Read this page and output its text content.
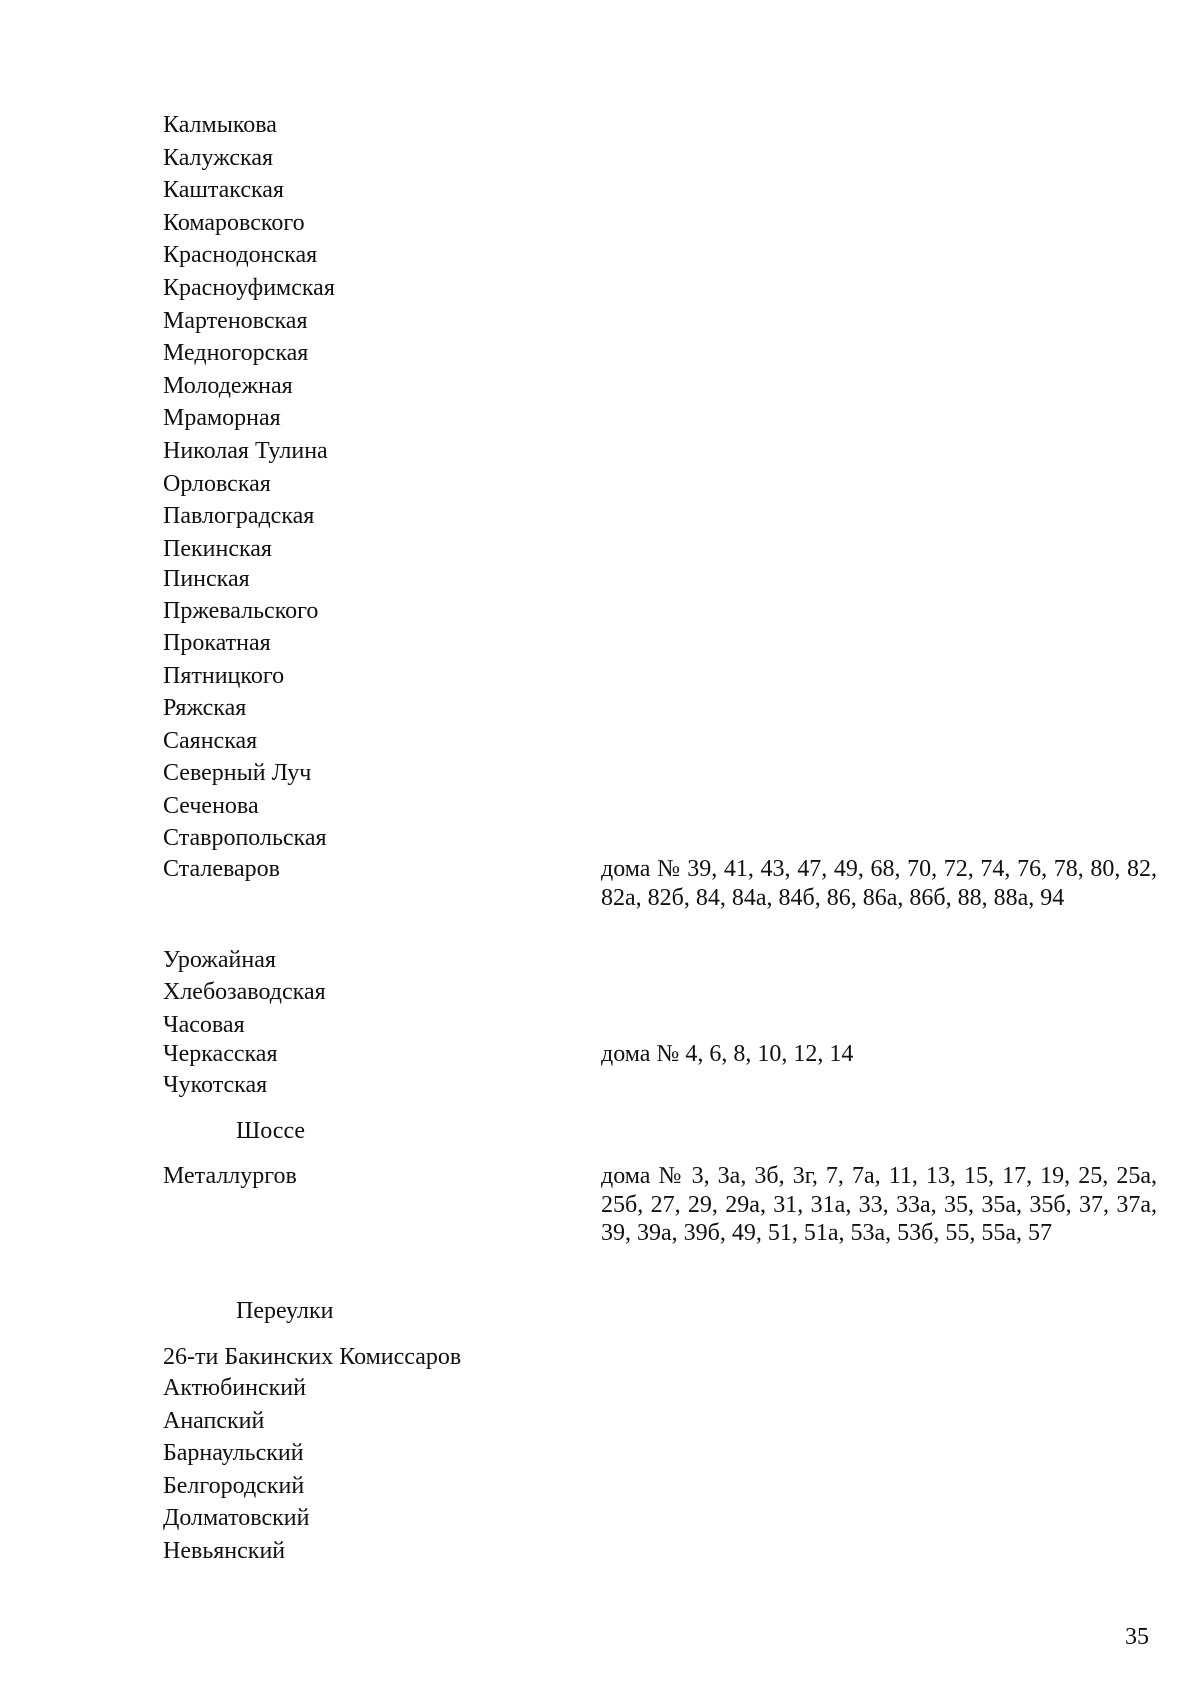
Калмыкова
Калужская
Каштакская
Комаровского
Краснодонская
Красноуфимская
Мартеновская
Медногорская
Молодежная
Мраморная
Николая Тулина
Орловская
Павлоградская
Пекинская
Пинская
Пржевальского
Прокатная
Пятницкого
Ряжская
Саянская
Северный Луч
Сеченова
Ставропольская
Сталеваров	дома № 39, 41, 43, 47, 49, 68, 70, 72, 74, 76, 78, 80, 82, 82а, 82б, 84, 84а, 84б, 86, 86а, 86б, 88, 88а, 94
Урожайная
Хлебозаводская
Часовая
Черкасская
Чукотская
дома № 4, 6, 8, 10, 12, 14
Шоссе
Металлургов	дома № 3, 3а, 3б, 3г, 7, 7а, 11, 13, 15, 17, 19, 25, 25а, 25б, 27, 29, 29а, 31, 31а, 33, 33а, 35, 35а, 35б, 37, 37а, 39, 39а, 39б, 49, 51, 51а, 53а, 53б, 55, 55а, 57
Переулки
26-ти Бакинских Комиссаров
Актюбинский
Анапский
Барнаульский
Белгородский
Долматовский
Невьянский
35
